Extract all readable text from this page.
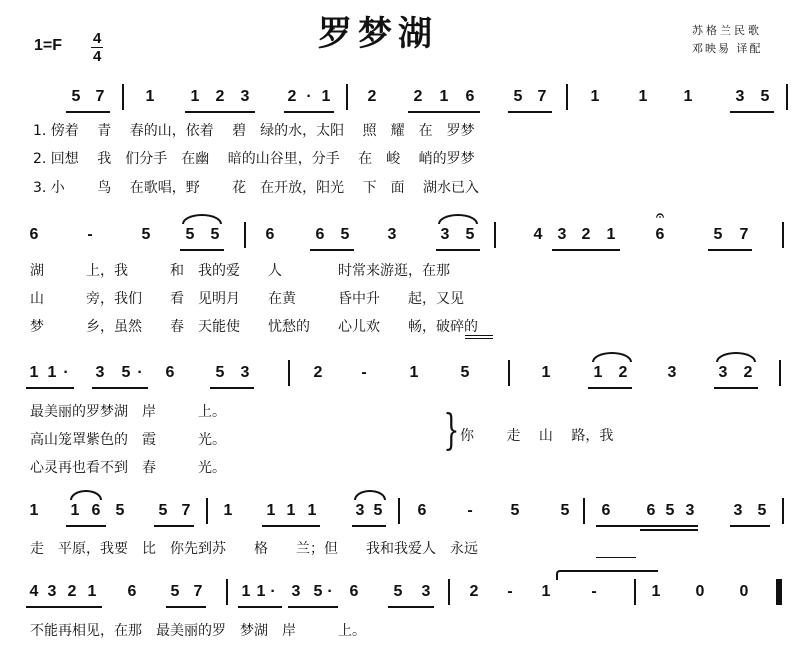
罗梦湖
1=F 4
4
苏格兰民歌
邓映易 译配
5 7	1 1 2 3 2 · 1 2 2 1 6 5 7	1 1 1	3 5
1. 傍着　 青　 春的山，依着　 碧　绿的水，太阳　 照　耀　在　罗梦
2. 回想　 我　们分手　在幽　 暗的山谷里，分手　 在　峻　 峭的罗梦
3. 小　　 鸟　 在歌唱，野　　 花　在开放，阳光　 下　面　 湖水已入
6	-	5 5 5	6	6 5 3	3 5	4 3 2 1	6	5 7
𝄐
湖　　　上，我　　　和　我的爱　　人　　　　时常来游逛，在那
山　　　旁，我们　　看　见明月　　在黄　　　昏中升　　起，又见
梦　　　乡，虽然　　春　天能使　　忧愁的　　心儿欢　　畅，破碎的
1 1 · 3 5 · 6	5 3	2 -	1	5	1	1 2	3	3 2
最美丽的罗梦湖　岸　　　上。
高山笼罩紫色的　霞　　　光。
心灵再也看不到　春　　　光。
} 你　　 走　 山　 路，我
1 1 6 5 5 7 1 1 1 1 3 5 6	- 5	5 6 6 5 3 3 5
走　平原，我要　比　你先到苏　　格　　兰；但　　我和我爱人　永远
4 3 2 1 6 5 7 1 1 · 3 5 · 6 5 3 2 - 1	-	1 0 0
不能再相见，在那　最美丽的罗　梦湖　岸　　　上。
